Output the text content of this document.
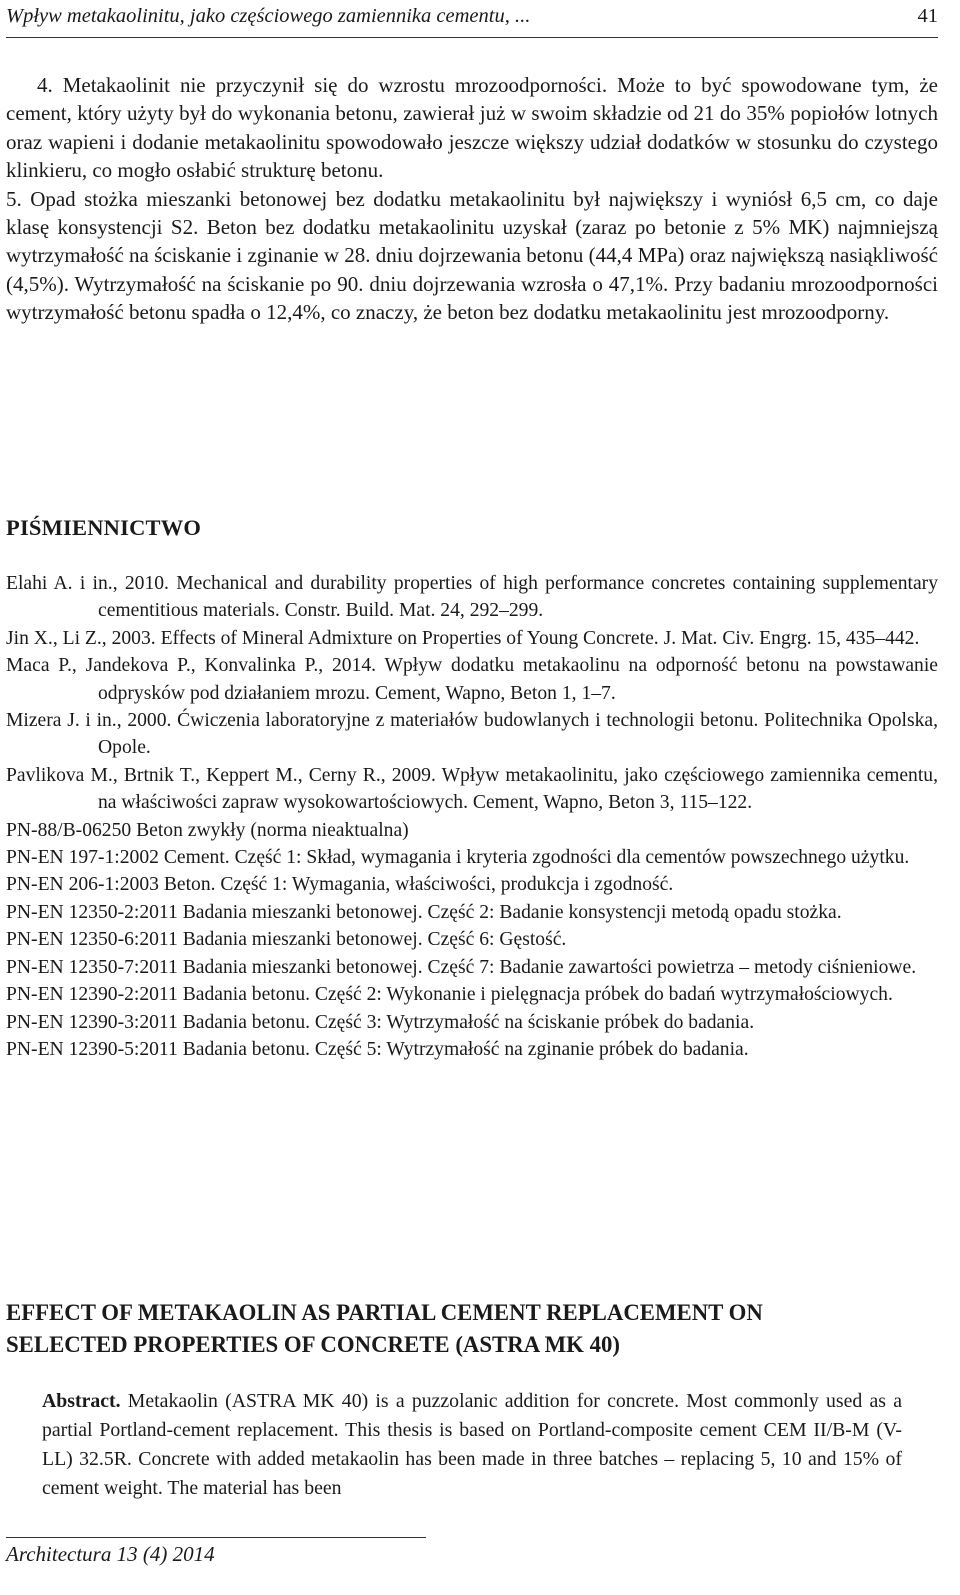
Wpływ metakaolinitu, jako częściowego zamiennika cementu, ...	41

4. Metakaolinit nie przyczynił się do wzrostu mrozoodporności. Może to być spowodowane tym, że cement, który użyty był do wykonania betonu, zawierał już w swoim składzie od 21 do 35% popiołów lotnych oraz wapieni i dodanie metakaolinitu spowodowało jeszcze większy udział dodatków w stosunku do czystego klinkieru, co mogło osłabić strukturę betonu.

5. Opad stożka mieszanki betonowej bez dodatku metakaolinitu był największy i wyniósł 6,5 cm, co daje klasę konsystencji S2. Beton bez dodatku metakaolinitu uzyskał (zaraz po betonie z 5% MK) najmniejszą wytrzymałość na ściskanie i zginanie w 28. dniu dojrzewania betonu (44,4 MPa) oraz największą nasiąkliwość (4,5%). Wytrzymałość na ściskanie po 90. dniu dojrzewania wzrosła o 47,1%. Przy badaniu mrozoodporności wytrzymałość betonu spadła o 12,4%, co znaczy, że beton bez dodatku metakaolinitu jest mrozoodporny.

PIŚMIENNICTWO

Elahi A. i in., 2010. Mechanical and durability properties of high performance concretes containing supplementary cementitious materials. Constr. Build. Mat. 24, 292–299.

Jin X., Li Z., 2003. Effects of Mineral Admixture on Properties of Young Concrete. J. Mat. Civ. Engrg. 15, 435–442.

Maca P., Jandekova P., Konvalinka P., 2014. Wpływ dodatku metakaolinu na odporność betonu na powstawanie odprysków pod działaniem mrozu. Cement, Wapno, Beton 1, 1–7.

Mizera J. i in., 2000. Ćwiczenia laboratoryjne z materiałów budowlanych i technologii betonu. Politechnika Opolska, Opole.

Pavlikova M., Brtnik T., Keppert M., Cerny R., 2009. Wpływ metakaolinitu, jako częściowego zamiennika cementu, na właściwości zapraw wysokowartościowych. Cement, Wapno, Beton 3, 115–122.

PN-88/B-06250 Beton zwykły (norma nieaktualna)

PN-EN 197-1:2002 Cement. Część 1: Skład, wymagania i kryteria zgodności dla cementów powszechnego użytku.

PN-EN 206-1:2003 Beton. Część 1: Wymagania, właściwości, produkcja i zgodność.

PN-EN 12350-2:2011 Badania mieszanki betonowej. Część 2: Badanie konsystencji metodą opadu stożka.

PN-EN 12350-6:2011 Badania mieszanki betonowej. Część 6: Gęstość.

PN-EN 12350-7:2011 Badania mieszanki betonowej. Część 7: Badanie zawartości powietrza – metody ciśnieniowe.

PN-EN 12390-2:2011 Badania betonu. Część 2: Wykonanie i pielęgnacja próbek do badań wytrzymałościowych.

PN-EN 12390-3:2011 Badania betonu. Część 3: Wytrzymałość na ściskanie próbek do badania.

PN-EN 12390-5:2011 Badania betonu. Część 5: Wytrzymałość na zginanie próbek do badania.

EFFECT OF METAKAOLIN AS PARTIAL CEMENT REPLACEMENT ON
SELECTED PROPERTIES OF CONCRETE (ASTRA MK 40)
Abstract. Metakaolin (ASTRA MK 40) is a puzzolanic addition for concrete. Most commonly used as a partial Portland-cement replacement. This thesis is based on Portland-composite cement CEM II/B-M (V-LL) 32.5R. Concrete with added metakaolin has been made in three batches – replacing 5, 10 and 15% of cement weight. The material has been
Architectura 13 (4) 2014
